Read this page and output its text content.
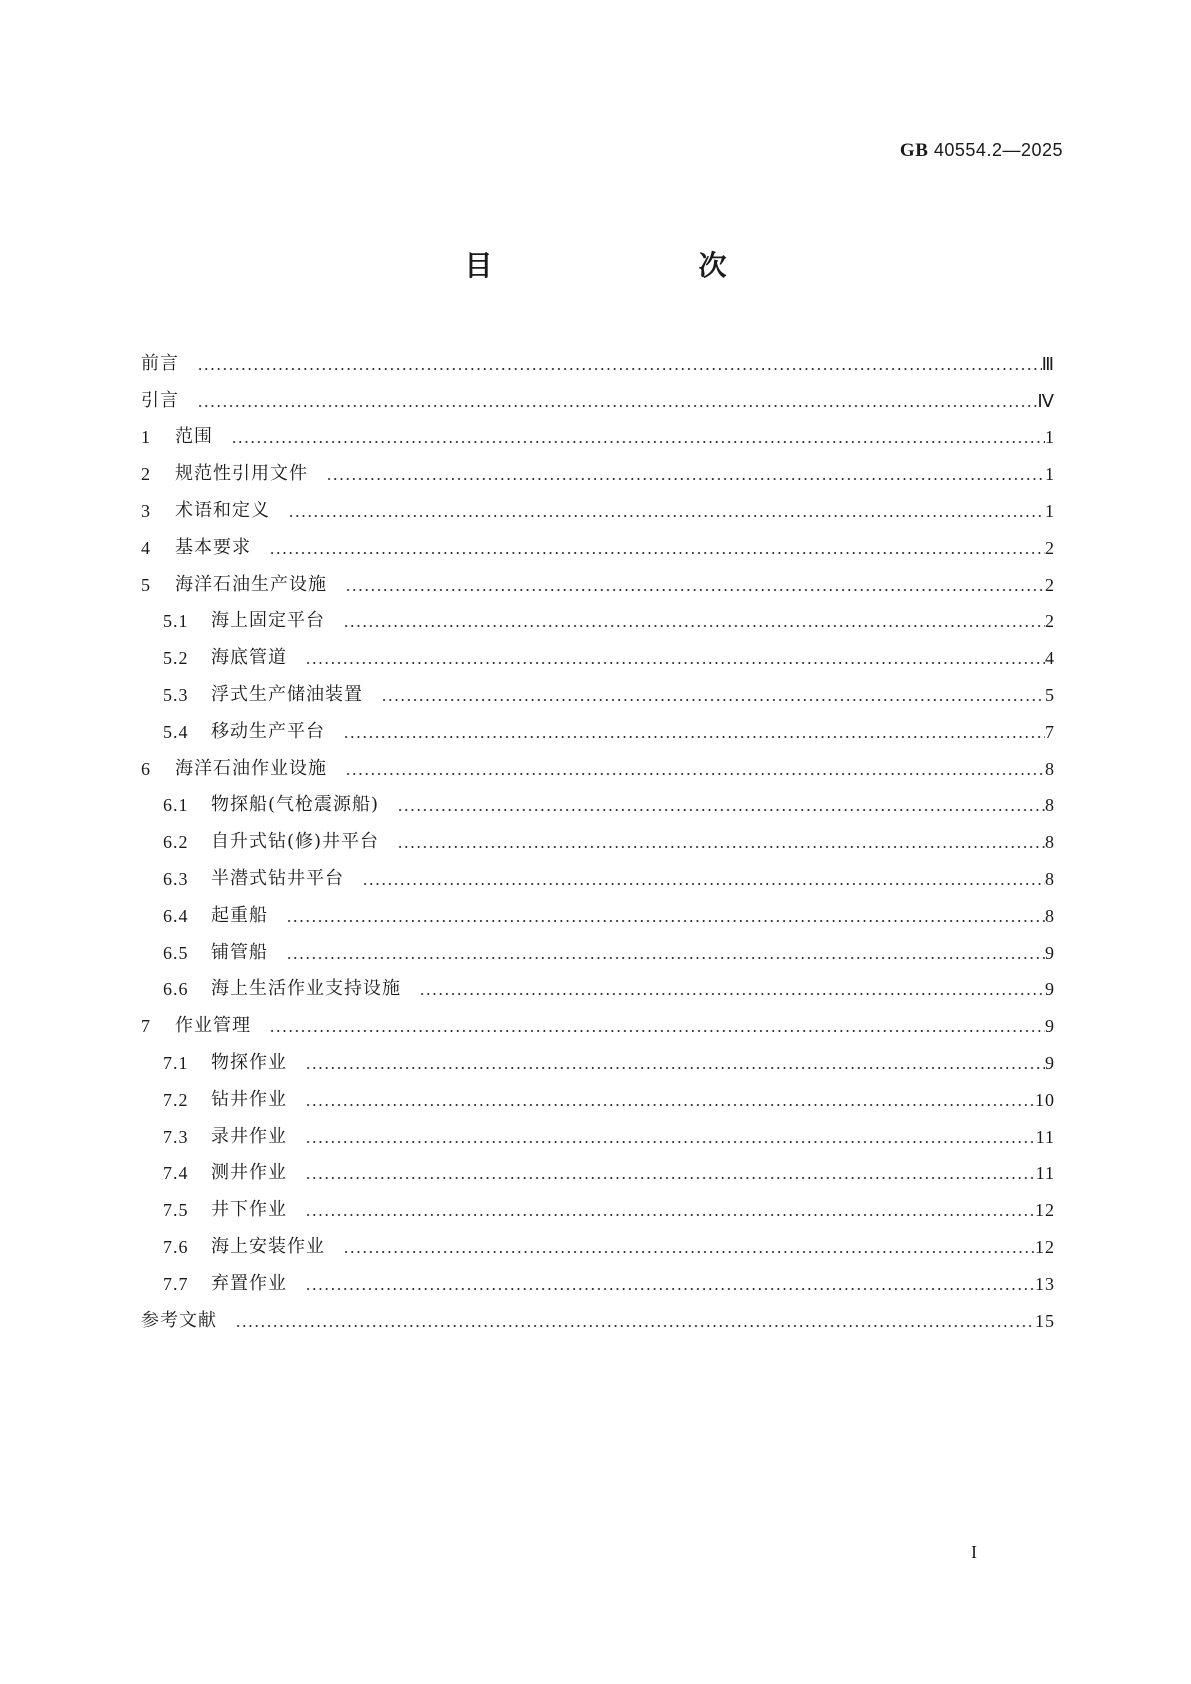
GB 40554.2—2025
目　　次
前言	Ⅲ
引言	Ⅳ
1	范围	1
2	规范性引用文件	1
3	术语和定义	1
4	基本要求	2
5	海洋石油生产设施	2
5.1	海上固定平台	2
5.2	海底管道	4
5.3	浮式生产储油装置	5
5.4	移动生产平台	7
6	海洋石油作业设施	8
6.1	物探船(气枪震源船)	8
6.2	自升式钻(修)井平台	8
6.3	半潜式钻井平台	8
6.4	起重船	8
6.5	铺管船	9
6.6	海上生活作业支持设施	9
7	作业管理	9
7.1	物探作业	9
7.2	钻井作业	10
7.3	录井作业	11
7.4	测井作业	11
7.5	井下作业	12
7.6	海上安装作业	12
7.7	弃置作业	13
参考文献	15
I
